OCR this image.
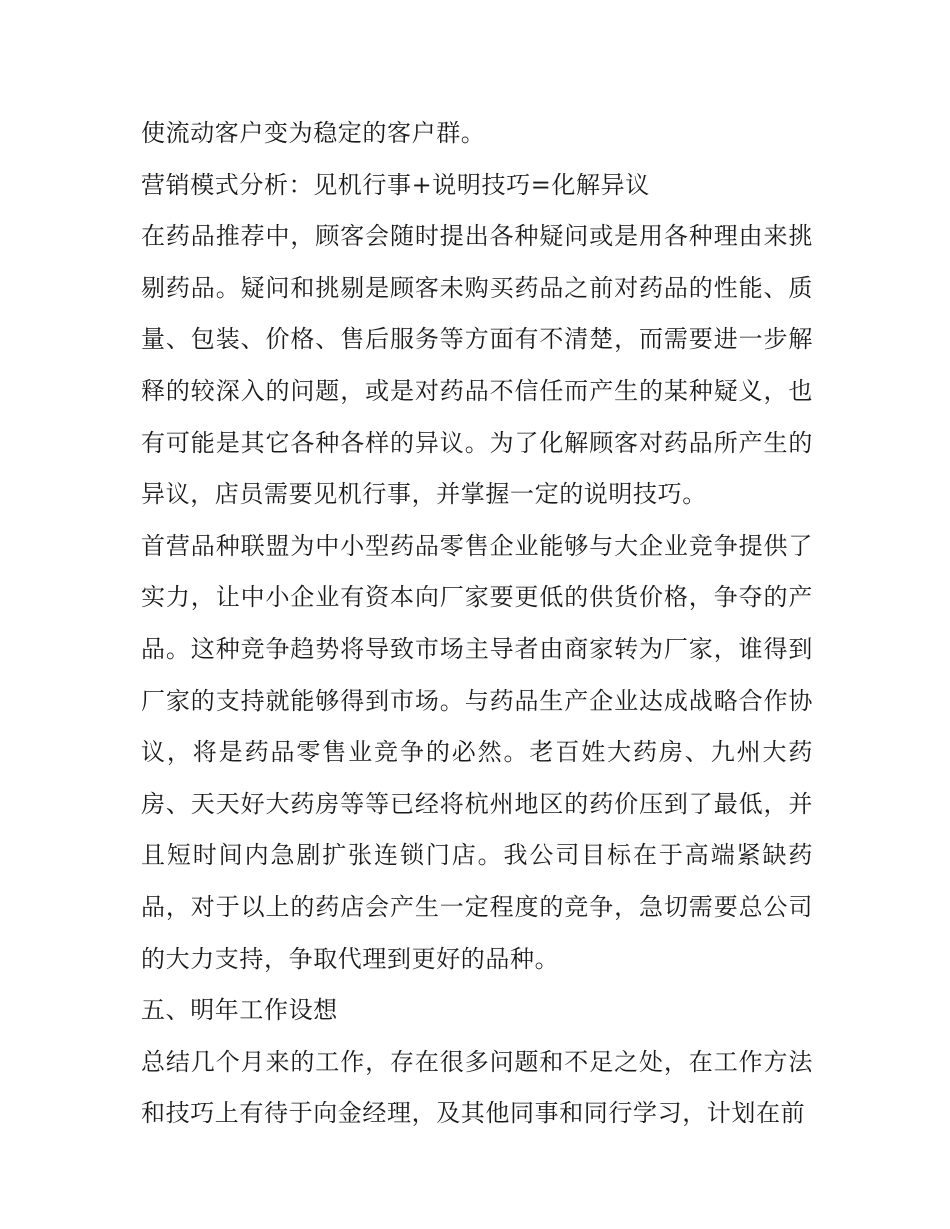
使流动客户变为稳定的客户群。

营销模式分析：见机行事+说明技巧=化解异议

在药品推荐中，顾客会随时提出各种疑问或是用各种理由来挑剔药品。疑问和挑剔是顾客未购买药品之前对药品的性能、质量、包装、价格、售后服务等方面有不清楚，而需要进一步解释的较深入的问题，或是对药品不信任而产生的某种疑义，也有可能是其它各种各样的异议。为了化解顾客对药品所产生的异议，店员需要见机行事，并掌握一定的说明技巧。

首营品种联盟为中小型药品零售企业能够与大企业竞争提供了实力，让中小企业有资本向厂家要更低的供货价格，争夺的产品。这种竞争趋势将导致市场主导者由商家转为厂家，谁得到厂家的支持就能够得到市场。与药品生产企业达成战略合作协议，将是药品零售业竞争的必然。老百姓大药房、九州大药房、天天好大药房等等已经将杭州地区的药价压到了最低，并且短时间内急剧扩张连锁门店。我公司目标在于高端紧缺药品，对于以上的药店会产生一定程度的竞争，急切需要总公司的大力支持，争取代理到更好的品种。

五、明年工作设想

总结几个月来的工作，存在很多问题和不足之处，在工作方法和技巧上有待于向金经理，及其他同事和同行学习，计划在前
